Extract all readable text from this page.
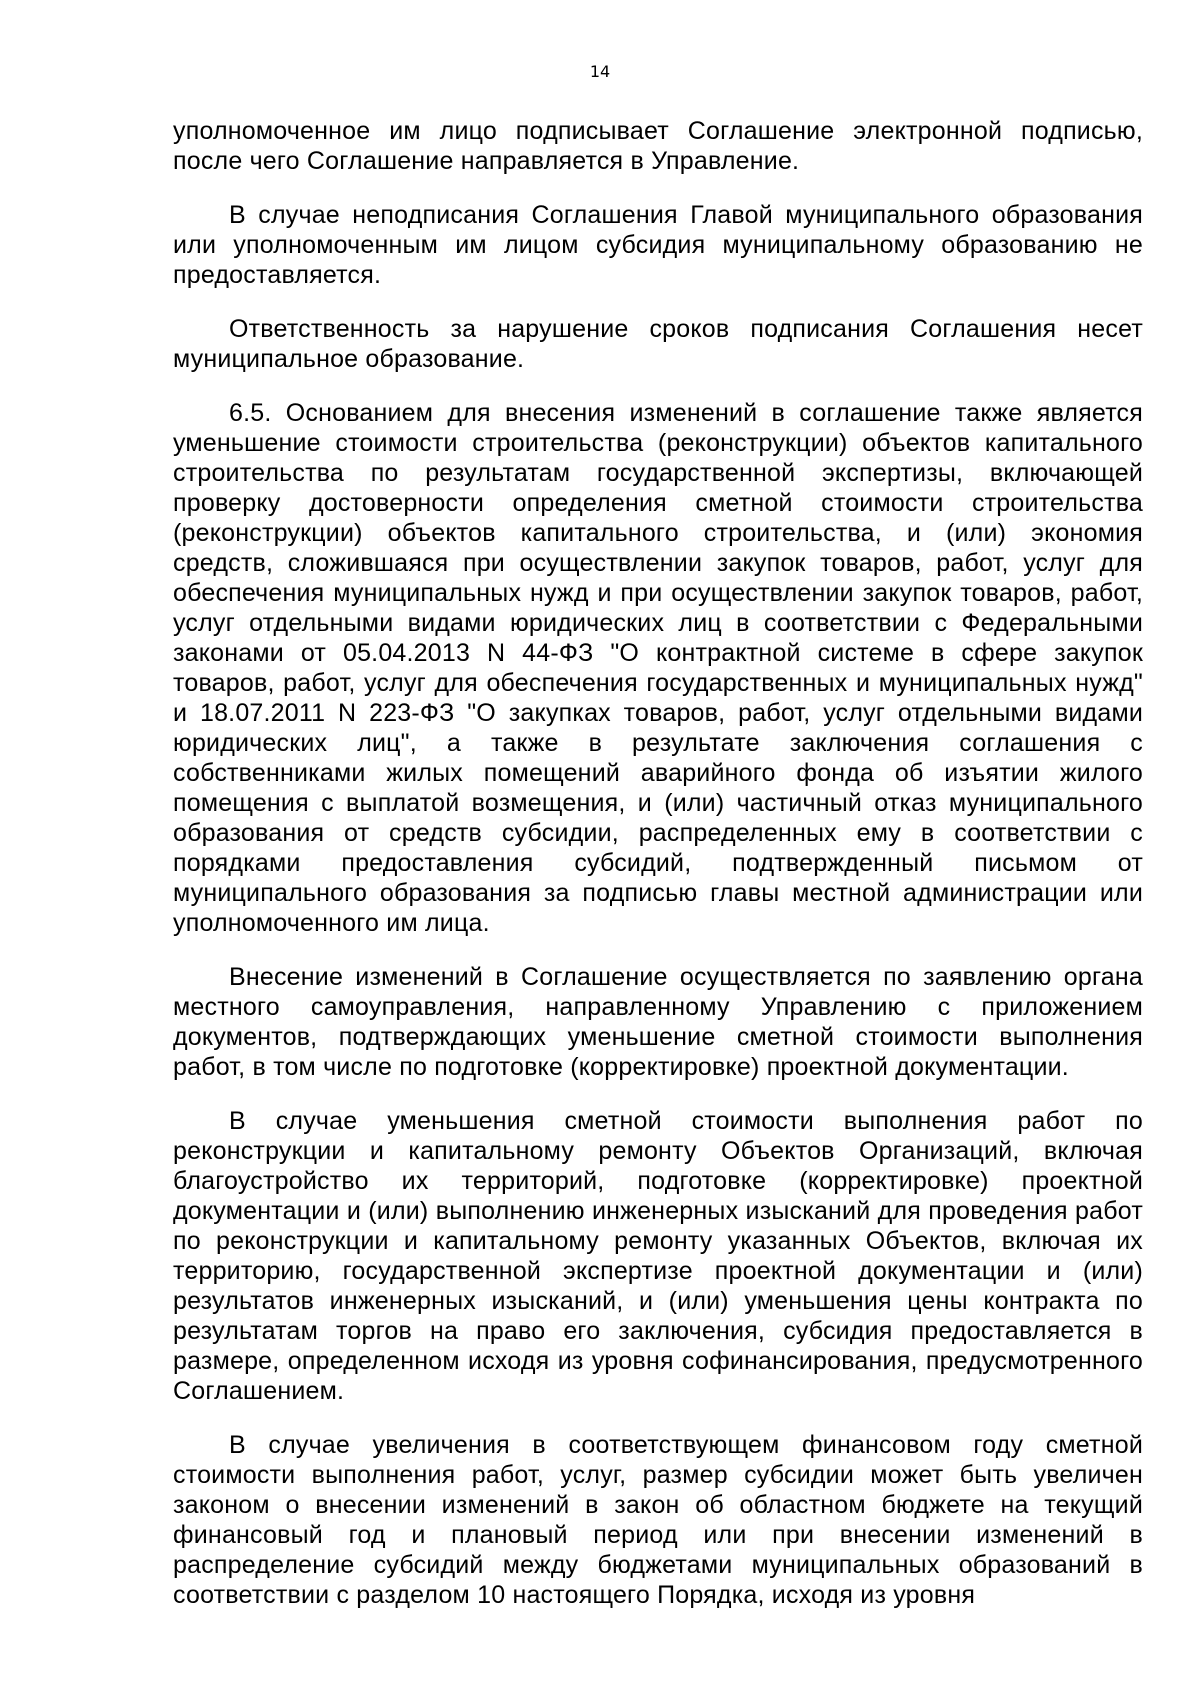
14

уполномоченное им лицо подписывает Соглашение электронной подписью, после чего Соглашение направляется в Управление.

В случае неподписания Соглашения Главой муниципального образования или уполномоченным им лицом субсидия муниципальному образованию не предоставляется.

Ответственность за нарушение сроков подписания Соглашения несет муниципальное образование.

6.5. Основанием для внесения изменений в соглашение также является уменьшение стоимости строительства (реконструкции) объектов капитального строительства по результатам государственной экспертизы, включающей проверку достоверности определения сметной стоимости строительства (реконструкции) объектов капитального строительства, и (или) экономия средств, сложившаяся при осуществлении закупок товаров, работ, услуг для обеспечения муниципальных нужд и при осуществлении закупок товаров, работ, услуг отдельными видами юридических лиц в соответствии с Федеральными законами от 05.04.2013 N 44-ФЗ "О контрактной системе в сфере закупок товаров, работ, услуг для обеспечения государственных и муниципальных нужд" и 18.07.2011 N 223-ФЗ "О закупках товаров, работ, услуг отдельными видами юридических лиц", а также в результате заключения соглашения с собственниками жилых помещений аварийного фонда об изъятии жилого помещения с выплатой возмещения, и (или) частичный отказ муниципального образования от средств субсидии, распределенных ему в соответствии с порядками предоставления субсидий, подтвержденный письмом от муниципального образования за подписью главы местной администрации или уполномоченного им лица.

Внесение изменений в Соглашение осуществляется по заявлению органа местного самоуправления, направленному Управлению с приложением документов, подтверждающих уменьшение сметной стоимости выполнения работ, в том числе по подготовке (корректировке) проектной документации.

В случае уменьшения сметной стоимости выполнения работ по реконструкции и капитальному ремонту Объектов Организаций, включая благоустройство их территорий, подготовке (корректировке) проектной документации и (или) выполнению инженерных изысканий для проведения работ по реконструкции и капитальному ремонту указанных Объектов, включая их территорию, государственной экспертизе проектной документации и (или) результатов инженерных изысканий, и (или) уменьшения цены контракта по результатам торгов на право его заключения, субсидия предоставляется в размере, определенном исходя из уровня софинансирования, предусмотренного Соглашением.

В случае увеличения в соответствующем финансовом году сметной стоимости выполнения работ, услуг, размер субсидии может быть увеличен законом о внесении изменений в закон об областном бюджете на текущий финансовый год и плановый период или при внесении изменений в распределение субсидий между бюджетами муниципальных образований в соответствии с разделом 10 настоящего Порядка, исходя из уровня
